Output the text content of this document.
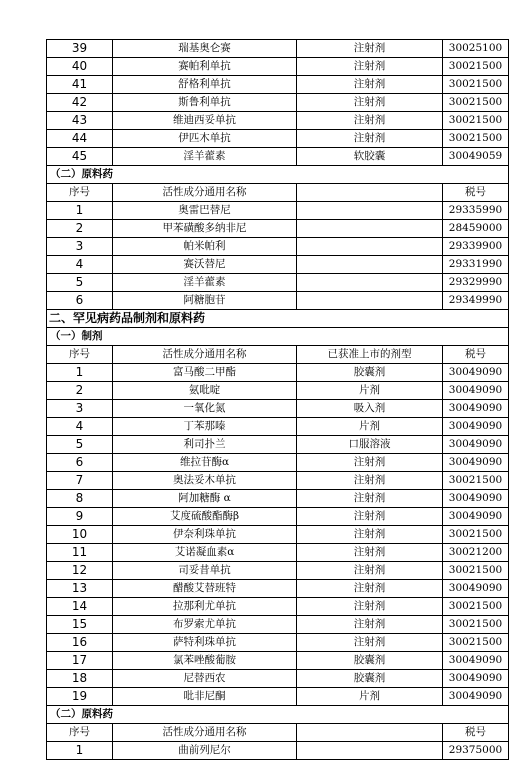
39	瑞基奥仑赛	注射剂	30025100
40	赛帕利单抗	注射剂	30021500
41	舒格利单抗	注射剂	30021500
42	斯鲁利单抗	注射剂	30021500
43	维迪西妥单抗	注射剂	30021500
44	伊匹木单抗	注射剂	30021500
45	淫羊藿素	软胶囊	30049059
（二）原料药			
序号	活性成分通用名称		税号
1	奥雷巴替尼		29335990
2	甲苯磺酸多纳非尼		28459000
3	帕米帕利		29339900
4	赛沃替尼		29331990
5	淫羊藿素		29329990
6	阿糖胞苷		29349990
二、罕见病药品制剂和原料药			
（一）制剂			
序号	活性成分通用名称	已获准上市的剂型	税号
1	富马酸二甲酯	胶囊剂	30049090
2	氨吡啶	片剂	30049090
3	一氧化氮	吸入剂	30049090
4	丁苯那嗪	片剂	30049090
5	利司扑兰	口服溶液	30049090
6	维拉苷酶α	注射剂	30049090
7	奥法妥木单抗	注射剂	30021500
8	阿加糖酶 α	注射剂	30049090
9	艾度硫酸酯酶β	注射剂	30049090
10	伊奈利珠单抗	注射剂	30021500
11	艾诺凝血素α	注射剂	30021200
12	司妥昔单抗	注射剂	30021500
13	醋酸艾替班特	注射剂	30049090
14	拉那利尤单抗	注射剂	30021500
15	布罗索尤单抗	注射剂	30021500
16	萨特利珠单抗	注射剂	30021500
17	氯苯唑酸葡胺	胶囊剂	30049090
18	尼替西农	胶囊剂	30049090
19	吡非尼酮	片剂	30049090
（二）原料药			
序号	活性成分通用名称		税号
1	曲前列尼尔		29375000
